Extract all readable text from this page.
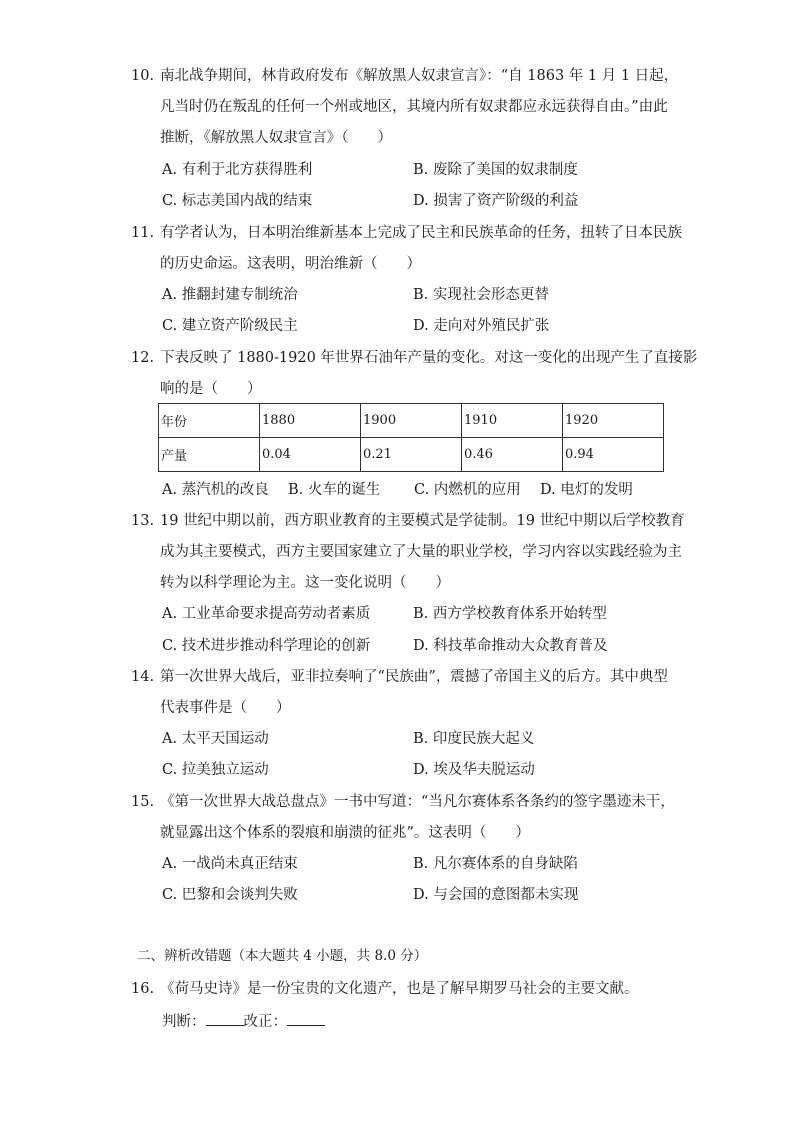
10. 南北战争期间，林肯政府发布《解放黑人奴隶宣言》：“自 1863 年 1 月 1 日起，
凡当时仍在叛乱的任何一个州或地区，其境内所有奴隶都应永远获得自由。”由此
推断，《解放黑人奴隶宣言》（　　）
A. 有利于北方获得胜利	B. 废除了美国的奴隶制度
C. 标志美国内战的结束	D. 损害了资产阶级的利益
11. 有学者认为，日本明治维新基本上完成了民主和民族革命的任务，扭转了日本民族
的历史命运。这表明，明治维新（　　）
A. 推翻封建专制统治	B. 实现社会形态更替
C. 建立资产阶级民主	D. 走向对外殖民扩张
12. 下表反映了 1880-1920 年世界石油年产量的变化。对这一变化的出现产生了直接影
响的是（　　）
年份	1880	1900	1910	1920
产量	0.04	0.21	0.46	0.94
A. 蒸汽机的改良 B. 火车的诞生 C. 内燃机的应用 D. 电灯的发明
13. 19 世纪中期以前，西方职业教育的主要模式是学徒制。19 世纪中期以后学校教育
成为其主要模式，西方主要国家建立了大量的职业学校，学习内容以实践经验为主
转为以科学理论为主。这一变化说明（　　）
A. 工业革命要求提高劳动者素质	B. 西方学校教育体系开始转型
C. 技术进步推动科学理论的创新	D. 科技革命推动大众教育普及
14. 第一次世界大战后，亚非拉奏响了“民族曲”，震撼了帝国主义的后方。其中典型
代表事件是（　　）
A. 太平天国运动	B. 印度民族大起义
C. 拉美独立运动	D. 埃及华夫脱运动
15. 《第一次世界大战总盘点》一书中写道：“当凡尔赛体系各条约的签字墨迹未干，
就显露出这个体系的裂痕和崩溃的征兆”。这表明（　　）
A. 一战尚未真正结束	B. 凡尔赛体系的自身缺陷
C. 巴黎和会谈判失败	D. 与会国的意图都未实现
二、辨析改错题（本大题共 4 小题，共 8.0 分）
16. 《荷马史诗》是一份宝贵的文化遗产，也是了解早期罗马社会的主要文献。
判断：	改正：
